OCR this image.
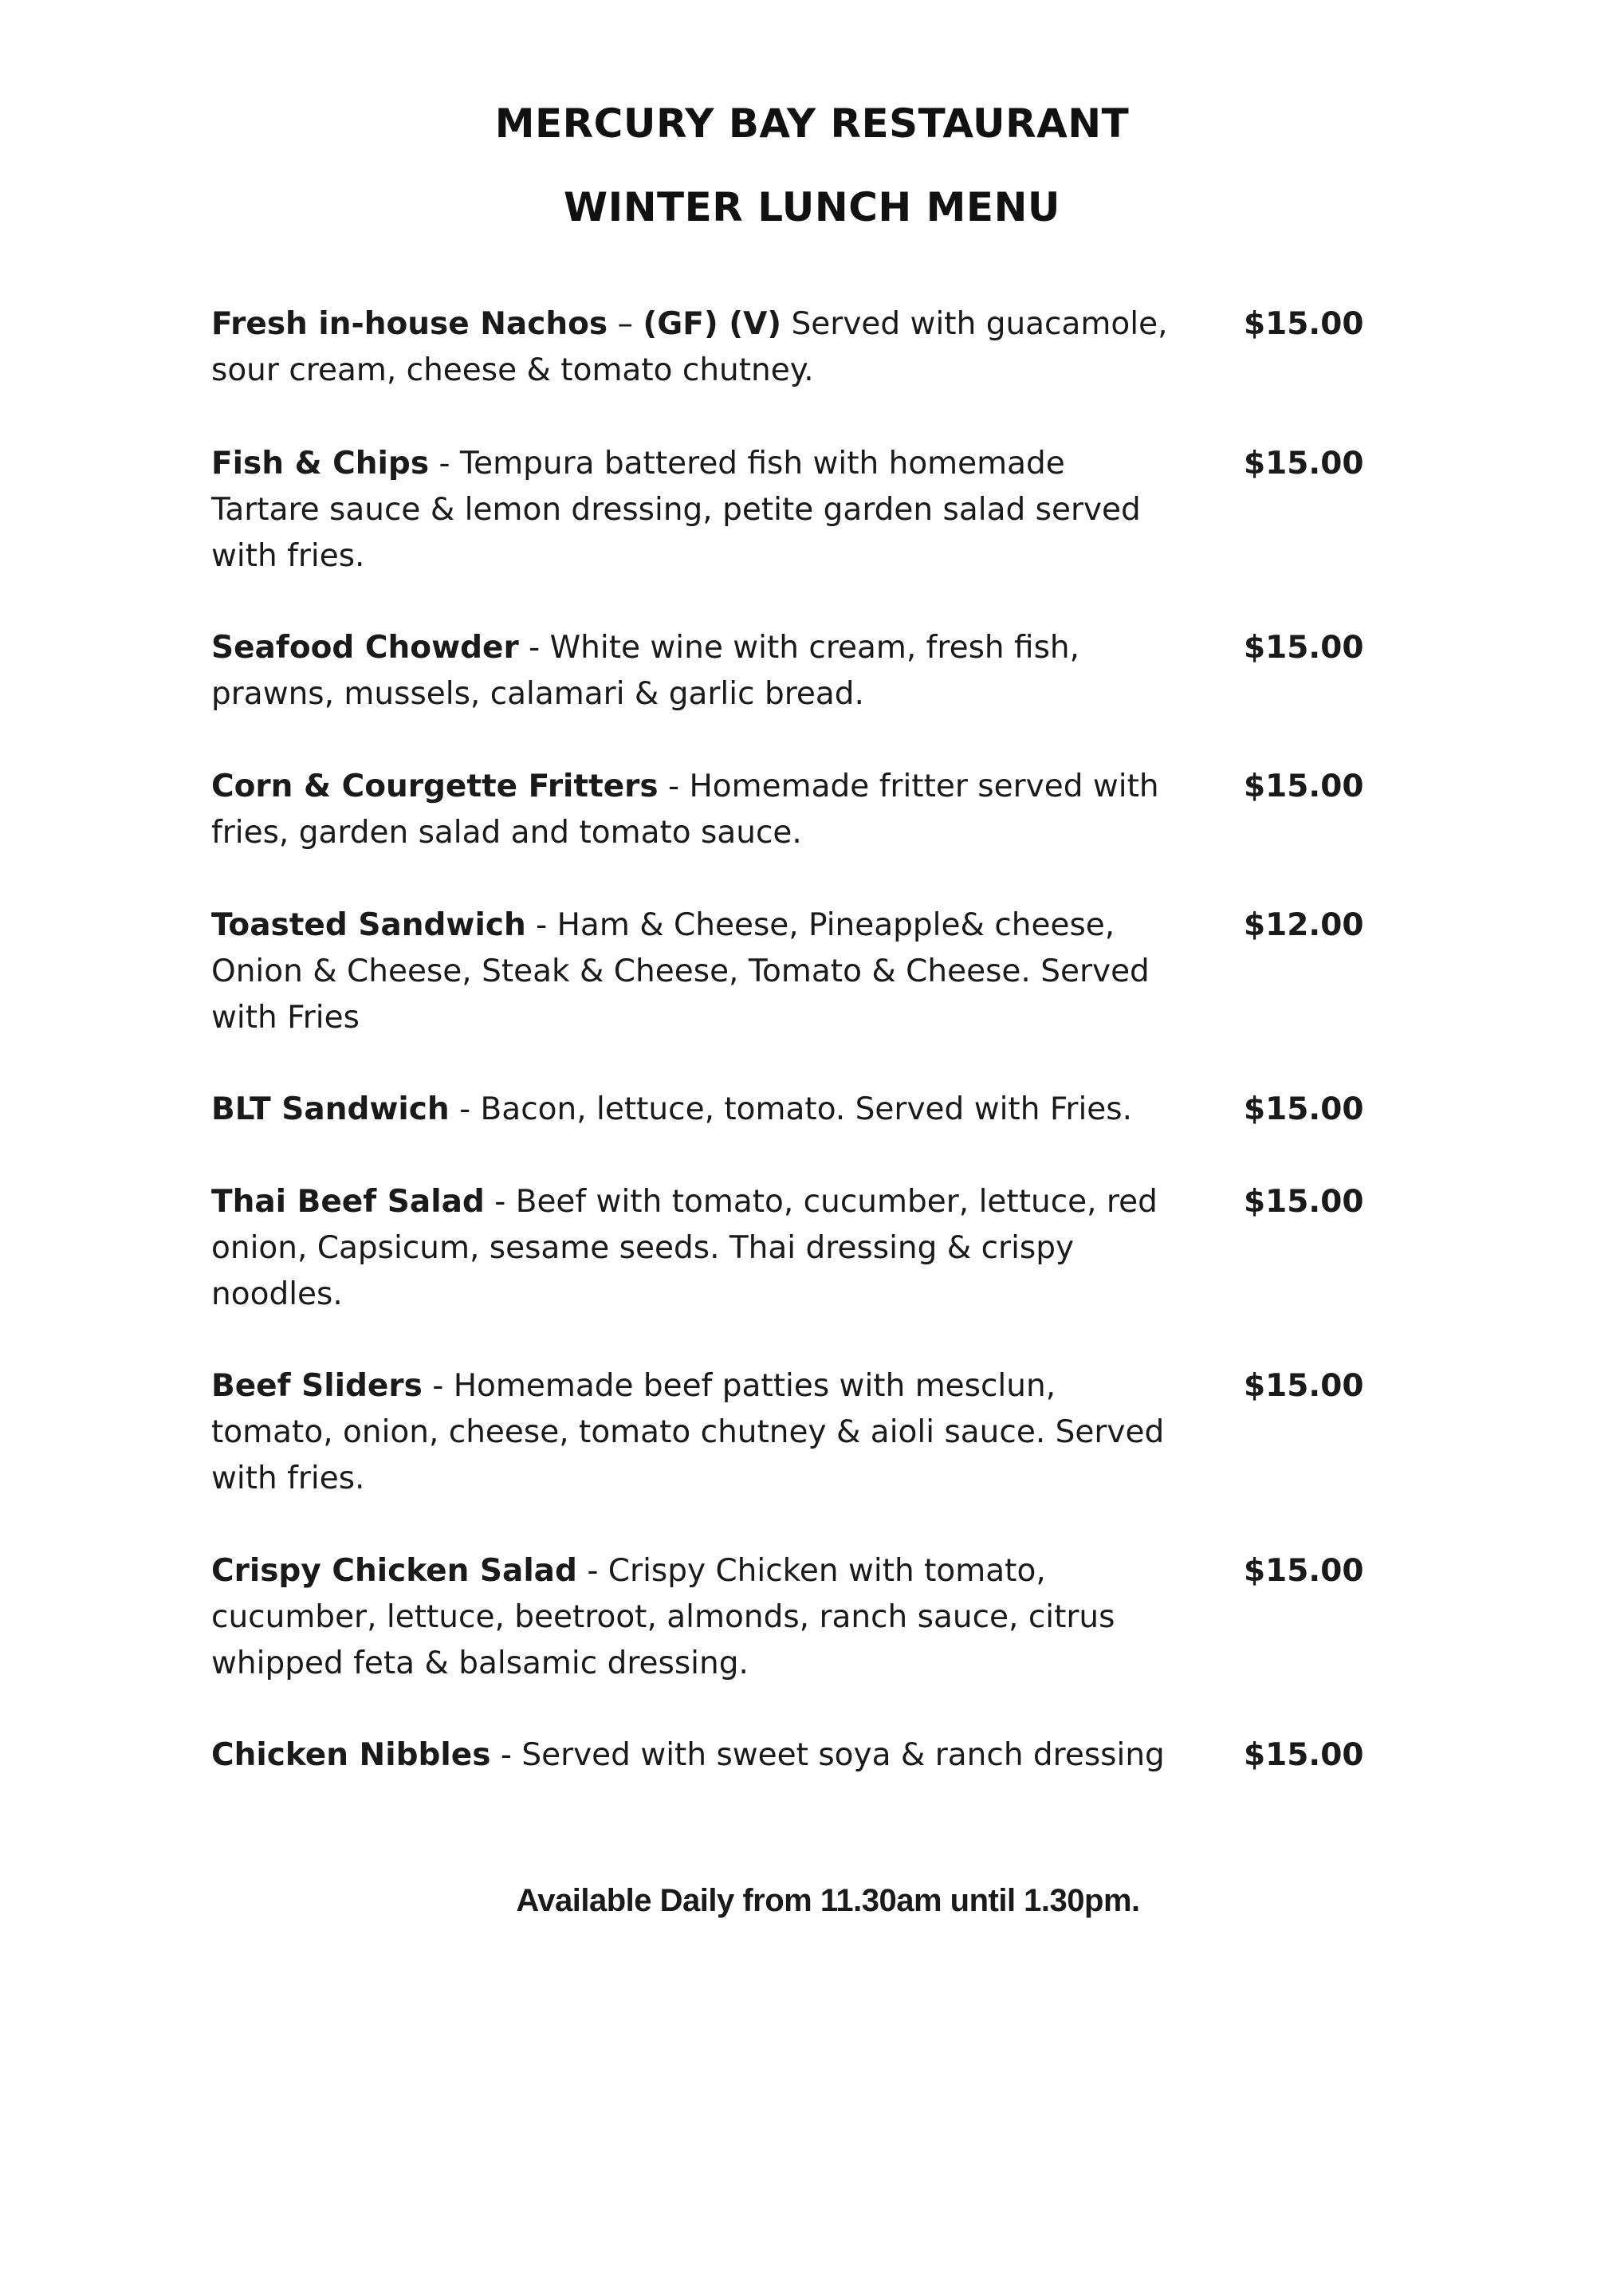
MERCURY BAY RESTAURANT
WINTER LUNCH MENU
Fresh in-house Nachos – (GF) (V) Served with guacamole, sour cream, cheese & tomato chutney.
$15.00
Fish & Chips - Tempura battered fish with homemade Tartare sauce & lemon dressing, petite garden salad served with fries.
$15.00
Seafood Chowder - White wine with cream, fresh fish, prawns, mussels, calamari & garlic bread.
$15.00
Corn & Courgette Fritters - Homemade fritter served with fries, garden salad and tomato sauce.
$15.00
Toasted Sandwich - Ham & Cheese, Pineapple& cheese, Onion & Cheese, Steak & Cheese, Tomato & Cheese. Served with Fries
$12.00
BLT Sandwich - Bacon, lettuce, tomato. Served with Fries.	$15.00
Thai Beef Salad - Beef with tomato, cucumber, lettuce, red onion, Capsicum, sesame seeds. Thai dressing & crispy noodles.
$15.00
Beef Sliders - Homemade beef patties with mesclun, tomato, onion, cheese, tomato chutney & aioli sauce. Served with fries.
$15.00
Crispy Chicken Salad - Crispy Chicken with tomato, cucumber, lettuce, beetroot, almonds, ranch sauce, citrus whipped feta & balsamic dressing.
$15.00
Chicken Nibbles - Served with sweet soya & ranch dressing	$15.00
Available Daily from 11.30am until 1.30pm.
